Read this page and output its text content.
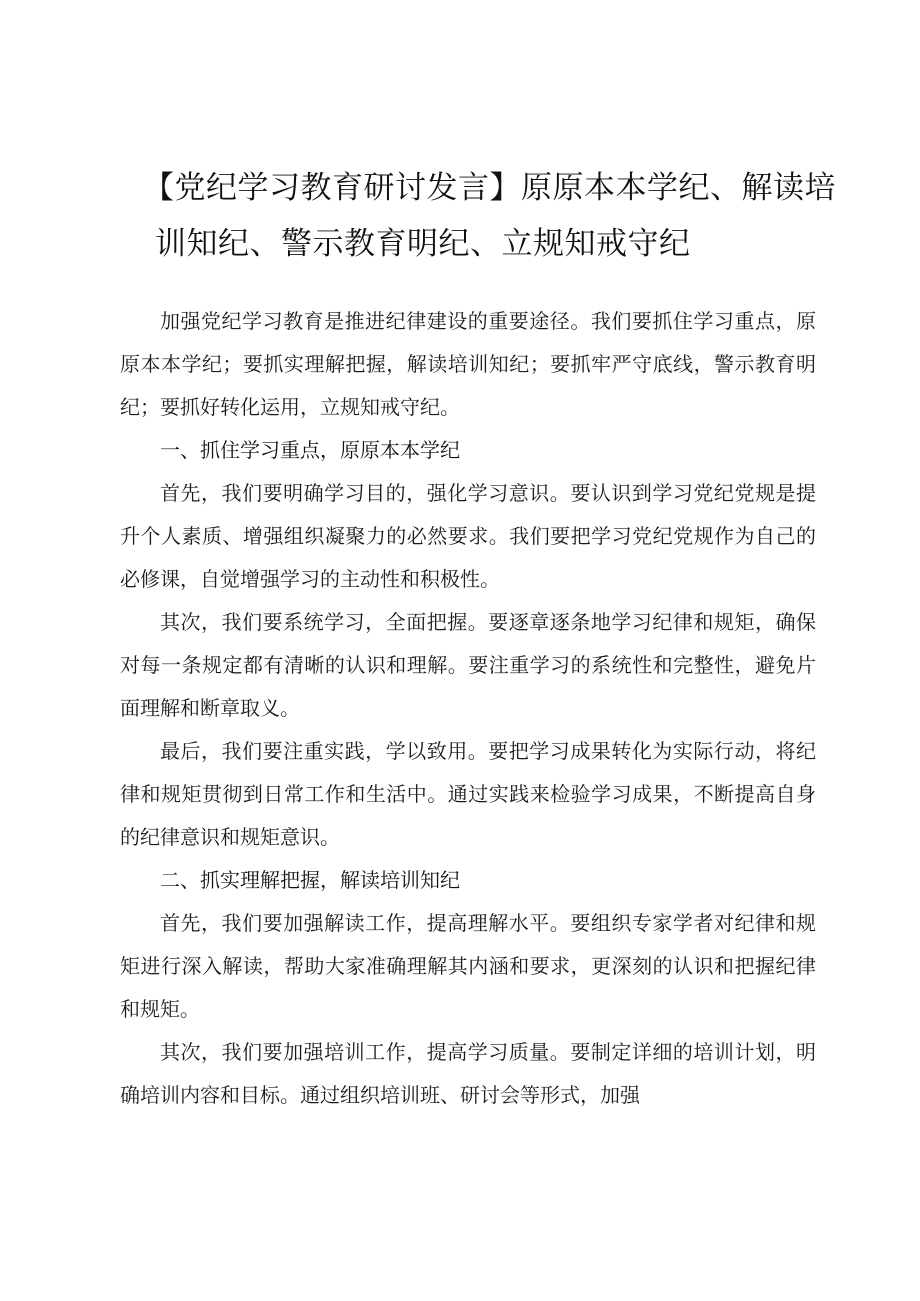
【党纪学习教育研讨发言】原原本本学纪、解读培
训知纪、警示教育明纪、立规知戒守纪

加强党纪学习教育是推进纪律建设的重要途径。我们要抓住学习重点，原原本本学纪；要抓实理解把握，解读培训知纪；要抓牢严守底线，警示教育明纪；要抓好转化运用，立规知戒守纪。

一、抓住学习重点，原原本本学纪

首先，我们要明确学习目的，强化学习意识。要认识到学习党纪党规是提升个人素质、增强组织凝聚力的必然要求。我们要把学习党纪党规作为自己的必修课，自觉增强学习的主动性和积极性。

其次，我们要系统学习，全面把握。要逐章逐条地学习纪律和规矩，确保对每一条规定都有清晰的认识和理解。要注重学习的系统性和完整性，避免片面理解和断章取义。

最后，我们要注重实践，学以致用。要把学习成果转化为实际行动，将纪律和规矩贯彻到日常工作和生活中。通过实践来检验学习成果，不断提高自身的纪律意识和规矩意识。

二、抓实理解把握，解读培训知纪

首先，我们要加强解读工作，提高理解水平。要组织专家学者对纪律和规矩进行深入解读，帮助大家准确理解其内涵和要求，更深刻的认识和把握纪律和规矩。

其次，我们要加强培训工作，提高学习质量。要制定详细的培训计划，明确培训内容和目标。通过组织培训班、研讨会等形式，加强
